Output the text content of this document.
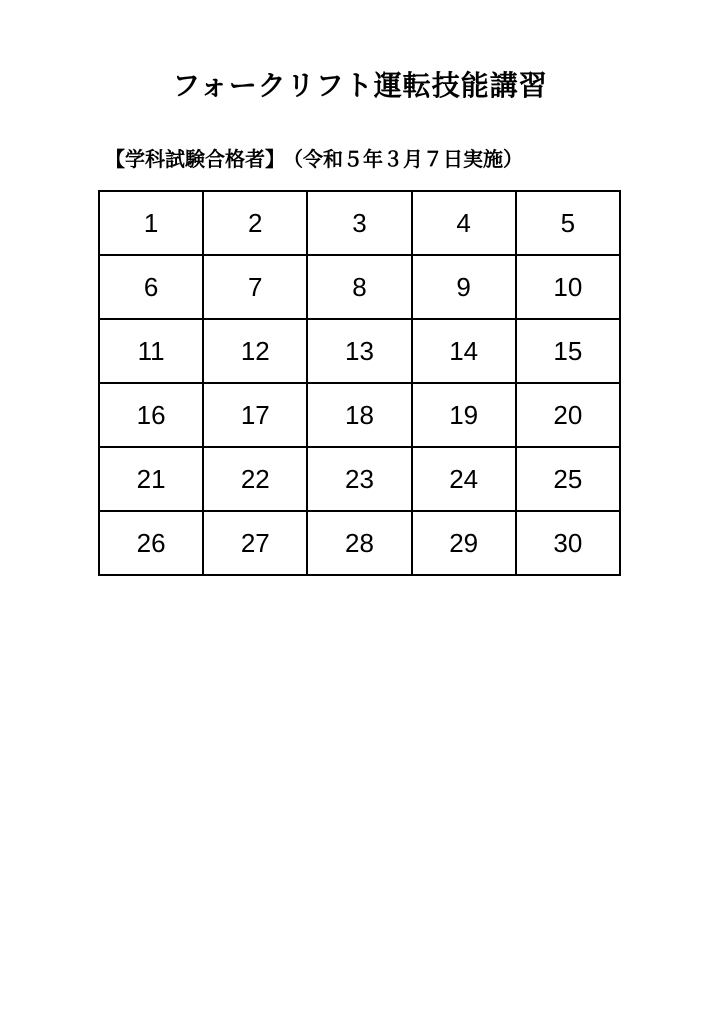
フォークリフト運転技能講習
【学科試験合格者】 （令和５年３月７日実施）
1	2	3	4	5
6	7	8	9	10
11	12	13	14	15
16	17	18	19	20
21	22	23	24	25
26	27	28	29	30
